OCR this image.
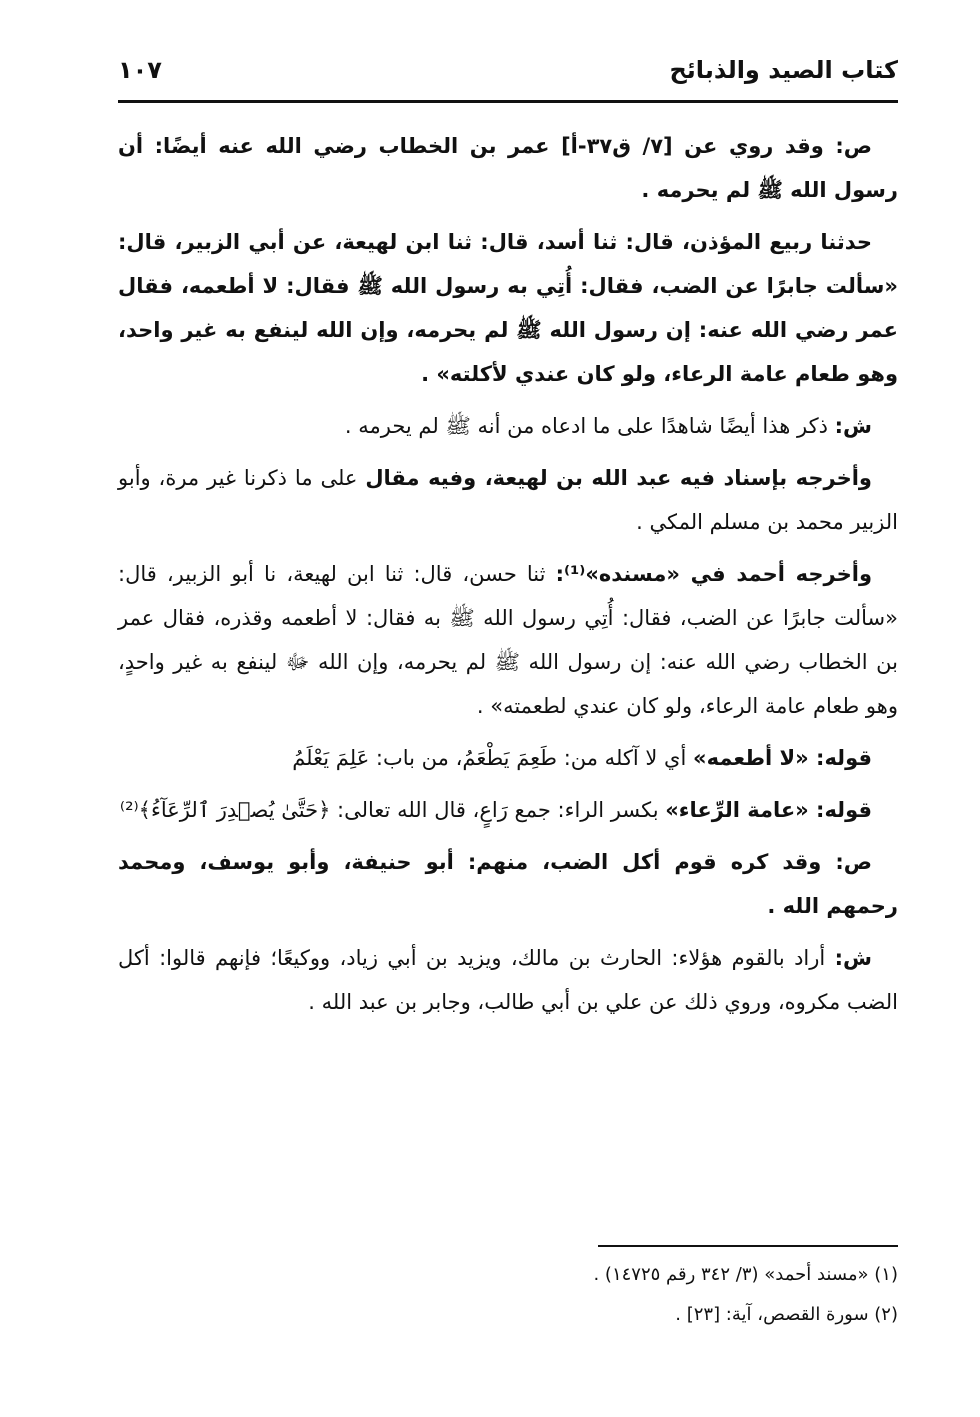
كتاب الصيد والذبائح
١٠٧

ص: وقد روي عن [٧/ ق٣٧-أ] عمر بن الخطاب رضي الله عنه أيضًا: أن رسول الله ﷺ لم يحرمه .

حدثنا ربيع المؤذن، قال: ثنا أسد، قال: ثنا ابن لهيعة، عن أبي الزبير، قال: «سألت جابرًا عن الضب، فقال: أُتِي به رسول الله ﷺ فقال: لا أطعمه، فقال عمر رضي الله عنه: إن رسول الله ﷺ لم يحرمه، وإن الله لينفع به غير واحد، وهو طعام عامة الرعاء، ولو كان عندي لأكلته» .

ش: ذكر هذا أيضًا شاهدًا على ما ادعاه من أنه ﷺ لم يحرمه .

وأخرجه بإسناد فيه عبد الله بن لهيعة، وفيه مقال على ما ذكرنا غير مرة، وأبو الزبير محمد بن مسلم المكي .

وأخرجه أحمد في «مسنده»⁽¹⁾: ثنا حسن، قال: ثنا ابن لهيعة، نا أبو الزبير، قال: «سألت جابرًا عن الضب، فقال: أُتِي رسول الله ﷺ به فقال: لا أطعمه وقذره، فقال عمر بن الخطاب رضي الله عنه: إن رسول الله ﷺ لم يحرمه، وإن الله ﷻ لينفع به غير واحدٍ، وهو طعام عامة الرعاء، ولو كان عندي لطعمته» .

قوله: «لا أطعمه» أي لا آكله من: طَعِمَ يَطْعَمُ، من باب: عَلِمَ يَعْلَمُ

قوله: «عامة الرِّعاء» بكسر الراء: جمع رَاعٍ، قال الله تعالى: ﴿حَتَّىٰ يُصۡدِرَ ٱلرِّعَآءُ﴾⁽²⁾

ص: وقد كره قوم أكل الضب، منهم: أبو حنيفة، وأبو يوسف، ومحمد رحمهم الله .

ش: أراد بالقوم هؤلاء: الحارث بن مالك، ويزيد بن أبي زياد، ووكيعًا؛ فإنهم قالوا: أكل الضب مكروه، وروي ذلك عن علي بن أبي طالب، وجابر بن عبد الله .

(١) «مسند أحمد» (٣/ ٣٤٢ رقم ١٤٧٢٥) .

(٢) سورة القصص، آية: [٢٣] .
